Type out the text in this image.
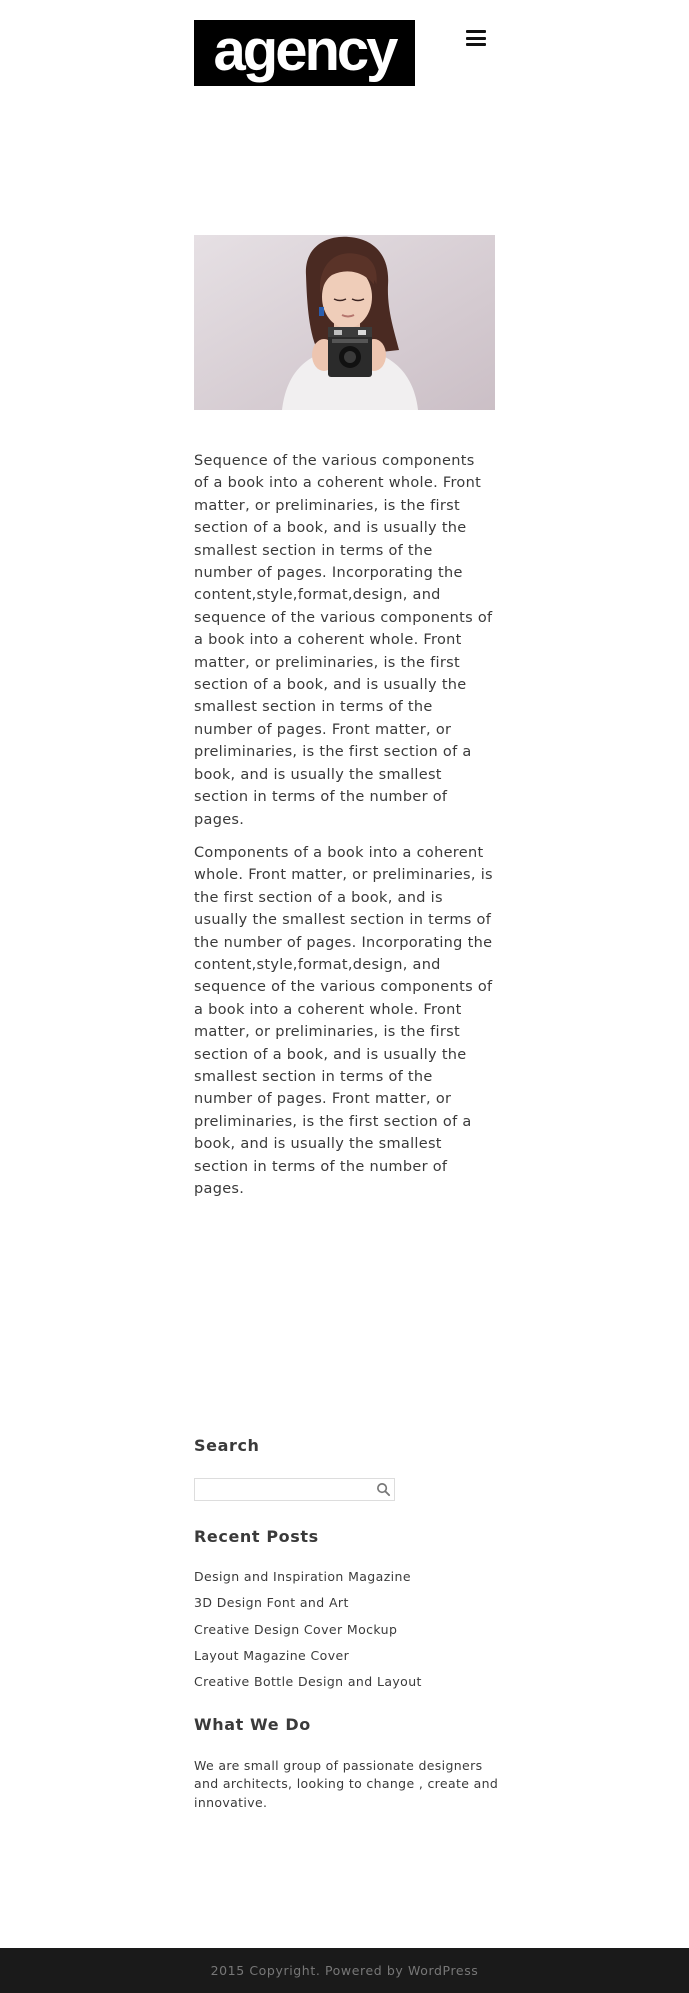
agency

Sequence of the various components of a book into a coherent whole. Front matter, or preliminaries, is the first section of a book, and is usually the smallest section in terms of the number of pages. Incorporating the content,style,format,design, and sequence of the various components of a book into a coherent whole. Front matter, or preliminaries, is the first section of a book, and is usually the smallest section in terms of the number of pages. Front matter, or preliminaries, is the first section of a book, and is usually the smallest section in terms of the number of pages.

Components of a book into a coherent whole. Front matter, or preliminaries, is the first section of a book, and is usually the smallest section in terms of the number of pages. Incorporating the content,style,format,design, and sequence of the various components of a book into a coherent whole. Front matter, or preliminaries, is the first section of a book, and is usually the smallest section in terms of the number of pages. Front matter, or preliminaries, is the first section of a book, and is usually the smallest section in terms of the number of pages.

Search
Recent Posts
Design and Inspiration Magazine
3D Design Font and Art
Creative Design Cover Mockup
Layout Magazine Cover
Creative Bottle Design and Layout
What We Do

We are small group of passionate designers and architects, looking to change , create and innovative.

2015 Copyright. Powered by WordPress
